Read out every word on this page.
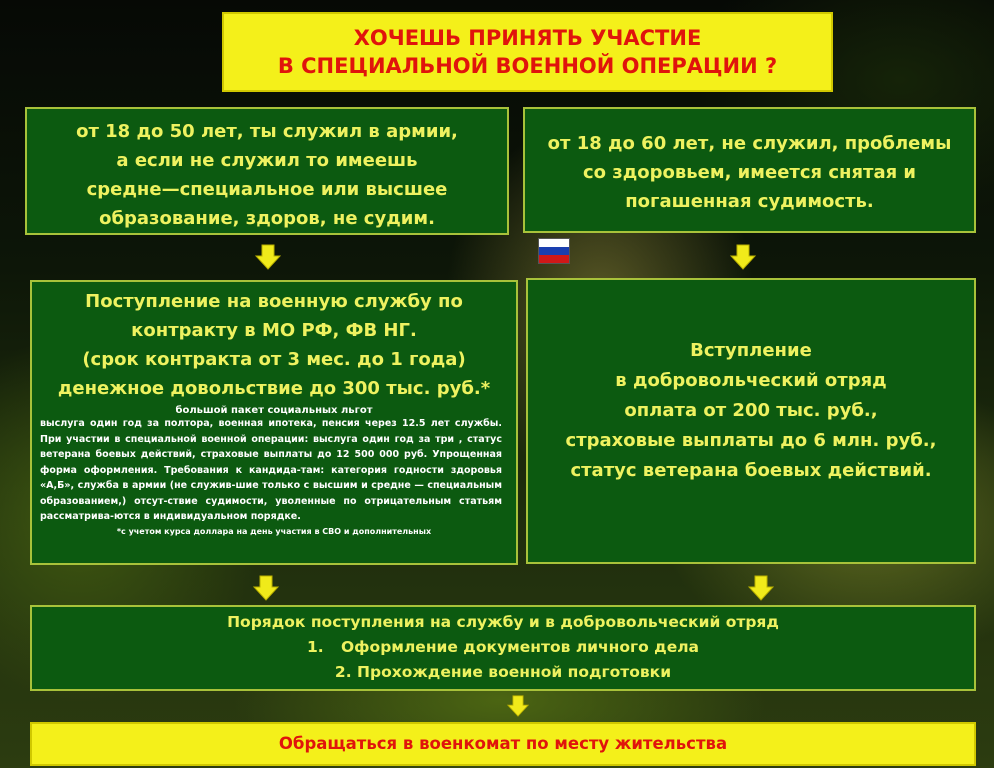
ХОЧЕШЬ ПРИНЯТЬ УЧАСТИЕ
В СПЕЦИАЛЬНОЙ ВОЕННОЙ ОПЕРАЦИИ ?
от 18 до 50 лет, ты служил в армии,
а если не служил то имеешь
средне—специальное или высшее
образование, здоров, не судим.
от 18 до 60 лет, не служил, проблемы
со здоровьем, имеется снятая и
погашенная судимость.
Поступление на военную службу по
контракту в МО РФ, ФВ НГ.
(срок контракта от 3 мес. до 1 года)
денежное довольствие до 300 тыс. руб.*
большой пакет социальных льгот
выслуга один год за полтора, военная ипотека, пенсия через 12.5 лет службы. При участии в специальной военной операции: выслуга один год за три , статус ветерана боевых действий, страховые выплаты до 12 500 000 руб. Упрощенная форма оформления. Требования к кандида-там: категория годности здоровья «А,Б», служба в армии (не служив-шие только с высшим и средне — специальным образованием,) отсут-ствие судимости, уволенные по отрицательным статьям рассматрива-ются в индивидуальном порядке.
*с учетом курса доллара на день участия в СВО и дополнительных
Вступление
в добровольческий отряд
оплата от 200 тыс. руб.,
страховые выплаты до 6 млн. руб.,
статус ветерана боевых действий.
Порядок поступления на службу и в добровольческий отряд
1. Оформление документов личного дела
2. Прохождение военной подготовки
Обращаться в военкомат по месту жительства
